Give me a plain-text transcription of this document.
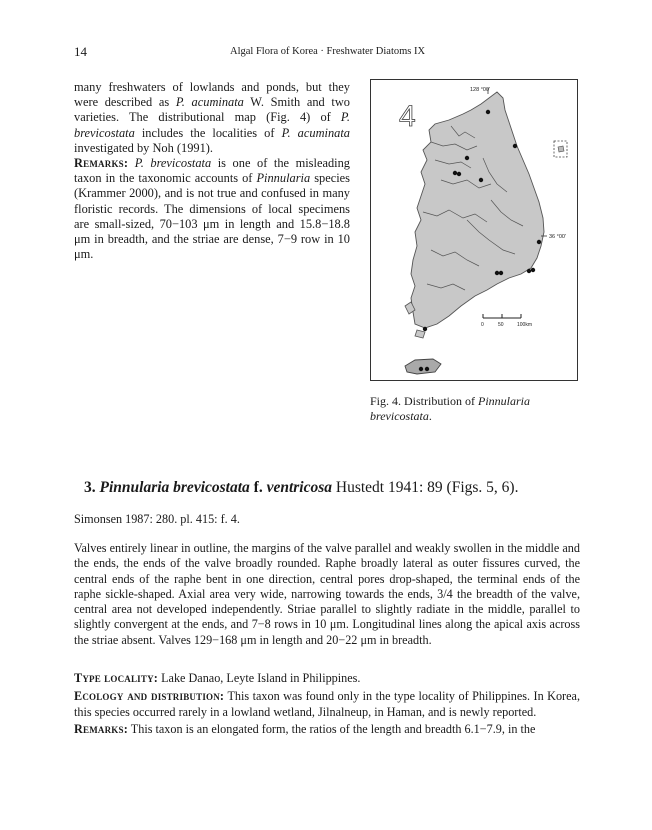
14	Algal Flora of Korea · Freshwater Diatoms IX

many freshwaters of lowlands and ponds, but they were described as P. acuminata W. Smith and two varieties. The distributional map (Fig. 4) of P. brevicostata includes the localities of P. acuminata investigated by Noh (1991).

Remarks: P. brevicostata is one of the misleading taxon in the taxonomic accounts of Pinnularia species (Krammer 2000), and is not true and confused in many floristic records. The dimensions of local specimens are small-sized, 70−103 μm in length and 15.8−18.8 μm in breadth, and the striae are dense, 7−9 row in 10 μm.

128 °00'
36 °00'
4
0	50	100km
Fig. 4. Distribution of Pinnularia brevicostata.
3. Pinnularia brevicostata f. ventricosa Hustedt 1941: 89 (Figs. 5, 6).
Simonsen 1987: 280. pl. 415: f. 4.
Valves entirely linear in outline, the margins of the valve parallel and weakly swollen in the middle and the ends, the ends of the valve broadly rounded. Raphe broadly lateral as outer fissures curved, the central ends of the raphe bent in one direction, central pores drop-shaped, the terminal ends of the raphe sickle-shaped. Axial area very wide, narrowing towards the ends, 3/4 the breadth of the valve, central area not developed independently. Striae parallel to slightly radiate in the middle, parallel to slightly convergent at the ends, and 7−8 rows in 10 μm. Longitudinal lines along the apical axis across the striae absent. Valves 129−168 μm in length and 20−22 μm in breadth.

Type locality: Lake Danao, Leyte Island in Philippines.

Ecology and distribution: This taxon was found only in the type locality of Philippines. In Korea, this species occurred rarely in a lowland wetland, Jilnalneup, in Haman, and is newly reported.

Remarks: This taxon is an elongated form, the ratios of the length and breadth 6.1−7.9, in the
